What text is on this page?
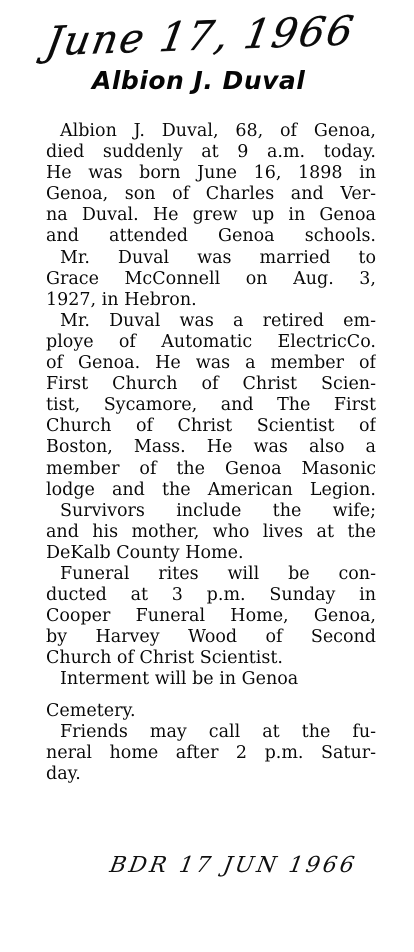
June 17, 1966
Albion J. Duval
Albion J. Duval, 68, of Genoa,
died suddenly at 9 a.m. today.
He was born June 16, 1898 in
Genoa, son of Charles and Ver-
na Duval. He grew up in Genoa
and attended Genoa schools.
Mr. Duval was married to
Grace McConnell on Aug. 3,
1927, in Hebron.
Mr. Duval was a retired em-
ploye of Automatic ElectricCo.
of Genoa. He was a member of
First Church of Christ Scien-
tist, Sycamore, and The First
Church of Christ Scientist of
Boston, Mass. He was also a
member of the Genoa Masonic
lodge and the American Legion.
Survivors include the wife;
and his mother, who lives at the
DeKalb County Home.
Funeral rites will be con-
ducted at 3 p.m. Sunday in
Cooper Funeral Home, Genoa,
by Harvey Wood of Second
Church of Christ Scientist.
Interment will be in Genoa
Cemetery.
Friends may call at the fu-
neral home after 2 p.m. Satur-
day.
BDR 17 JUN 1966
